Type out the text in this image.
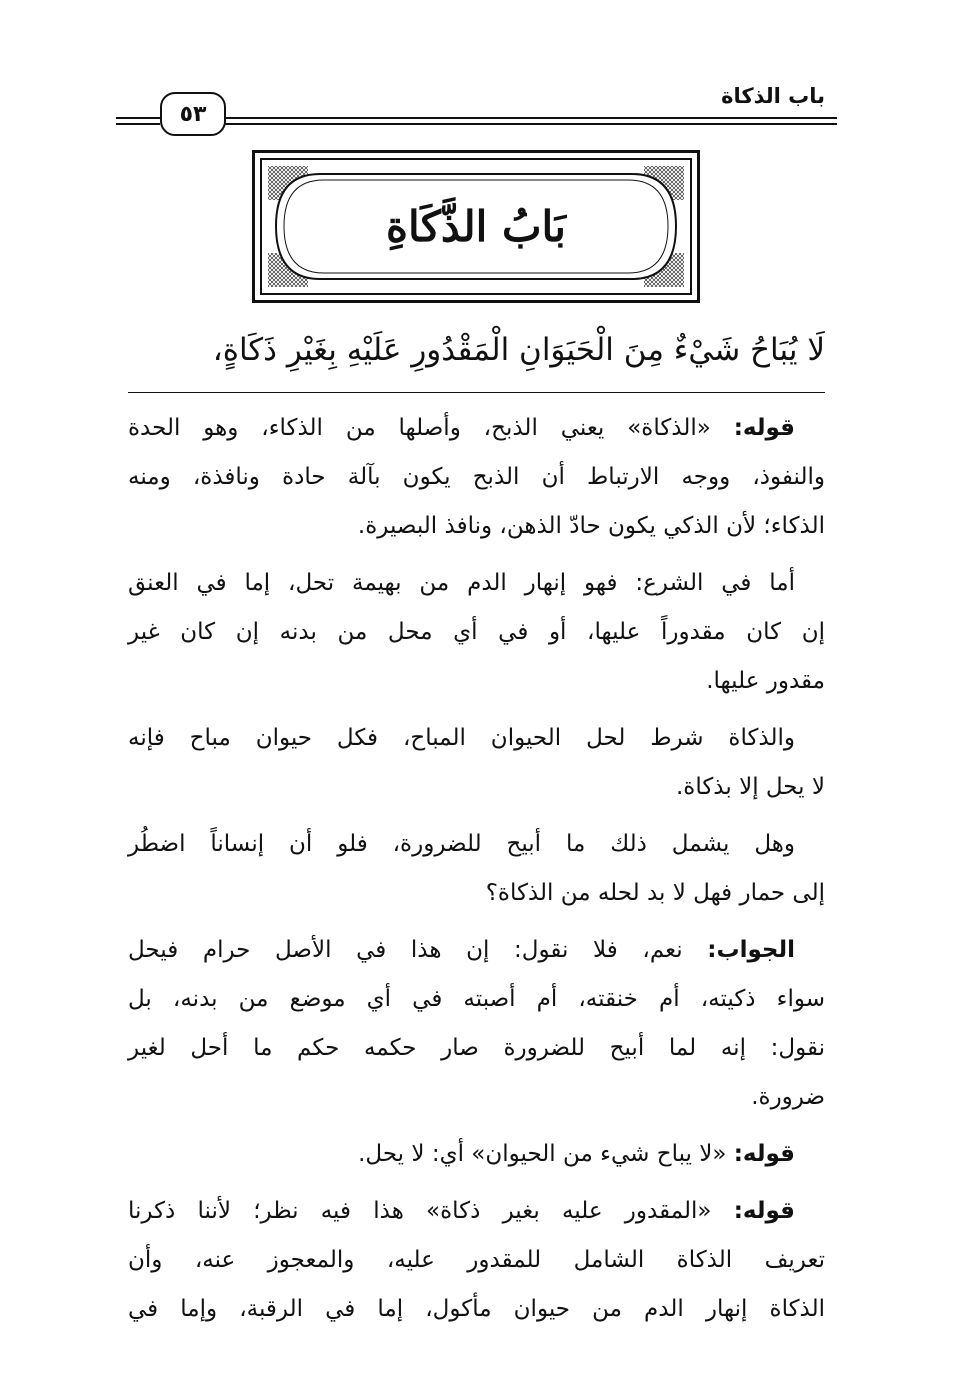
باب الذكاة
٥٣
بَابُ الذَّكَاةِ
لَا يُبَاحُ شَيْءٌ مِنَ الْحَيَوَانِ الْمَقْدُورِ عَلَيْهِ بِغَيْرِ ذَكَاةٍ،
قوله: «الذكاة» يعني الذبح، وأصلها من الذكاء، وهو الحدة
والنفوذ، ووجه الارتباط أن الذبح يكون بآلة حادة ونافذة، ومنه
الذكاء؛ لأن الذكي يكون حادّ الذهن، ونافذ البصيرة.
أما في الشرع: فهو إنهار الدم من بهيمة تحل، إما في العنق
إن كان مقدوراً عليها، أو في أي محل من بدنه إن كان غير
مقدور عليها.
والذكاة شرط لحل الحيوان المباح، فكل حيوان مباح فإنه
لا يحل إلا بذكاة.
وهل يشمل ذلك ما أبيح للضرورة، فلو أن إنساناً اضطُر
إلى حمار فهل لا بد لحله من الذكاة؟
الجواب: نعم، فلا نقول: إن هذا في الأصل حرام فيحل
سواء ذكيته، أم خنقته، أم أصبته في أي موضع من بدنه، بل
نقول: إنه لما أبيح للضرورة صار حكمه حكم ما أحل لغير
ضرورة.
قوله: «لا يباح شيء من الحيوان» أي: لا يحل.
قوله: «المقدور عليه بغير ذكاة» هذا فيه نظر؛ لأننا ذكرنا
تعريف الذكاة الشامل للمقدور عليه، والمعجوز عنه، وأن
الذكاة إنهار الدم من حيوان مأكول، إما في الرقبة، وإما في
